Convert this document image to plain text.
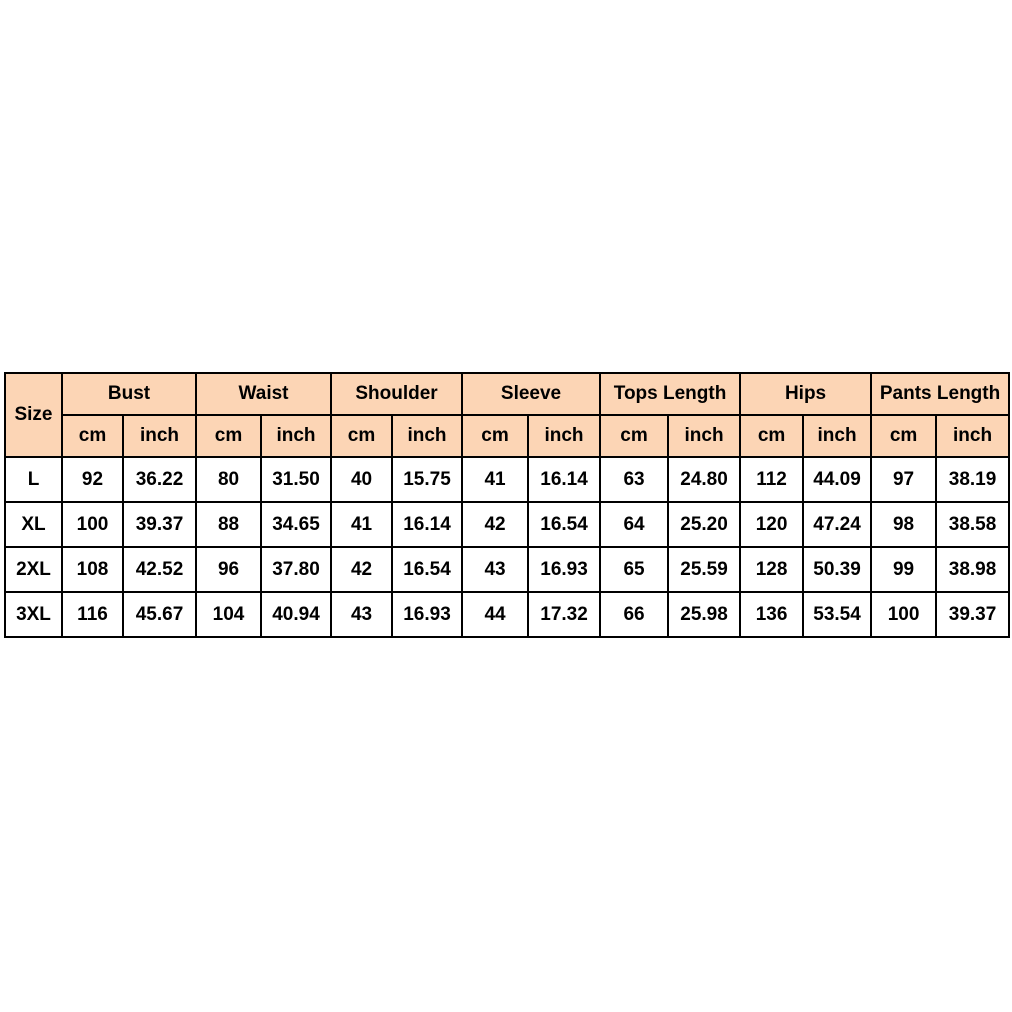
Size	Bust		Waist		Shoulder		Sleeve		Tops Length		Hips		Pants Length	
	cm	inch	cm	inch	cm	inch	cm	inch	cm	inch	cm	inch	cm	inch
L	92	36.22	80	31.50	40	15.75	41	16.14	63	24.80	112	44.09	97	38.19
XL	100	39.37	88	34.65	41	16.14	42	16.54	64	25.20	120	47.24	98	38.58
2XL	108	42.52	96	37.80	42	16.54	43	16.93	65	25.59	128	50.39	99	38.98
3XL	116	45.67	104	40.94	43	16.93	44	17.32	66	25.98	136	53.54	100	39.37
